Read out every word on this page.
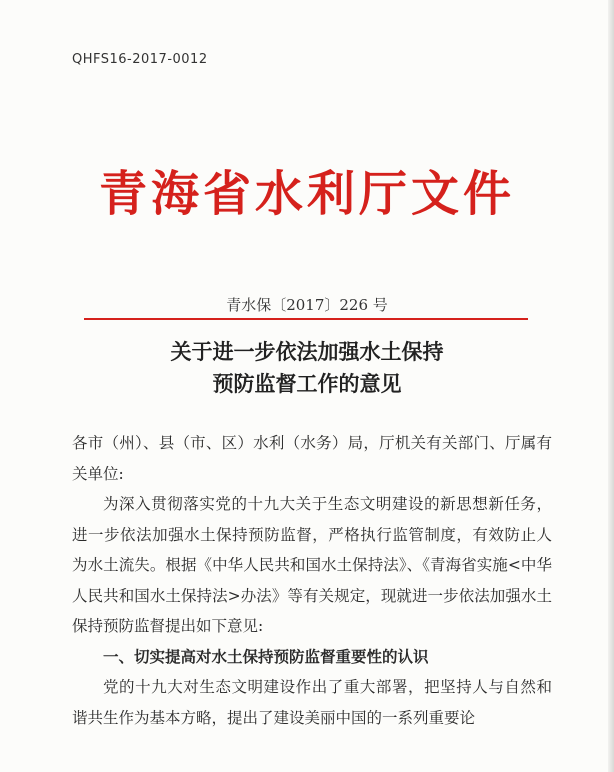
QHFS16-2017-0012
青海省水利厅文件
青水保〔2017〕226 号
关于进一步依法加强水土保持
预防监督工作的意见

各市（州）、县（市、区）水利（水务）局，厅机关有关部门、厅属有关单位:

为深入贯彻落实党的十九大关于生态文明建设的新思想新任务，进一步依法加强水土保持预防监督，严格执行监管制度，有效防止人为水土流失。根据《中华人民共和国水土保持法》、《青海省实施<中华人民共和国水土保持法>办法》等有关规定，现就进一步依法加强水土保持预防监督提出如下意见:

一、切实提高对水土保持预防监督重要性的认识

党的十九大对生态文明建设作出了重大部署，把坚持人与自然和谐共生作为基本方略，提出了建设美丽中国的一系列重要论
